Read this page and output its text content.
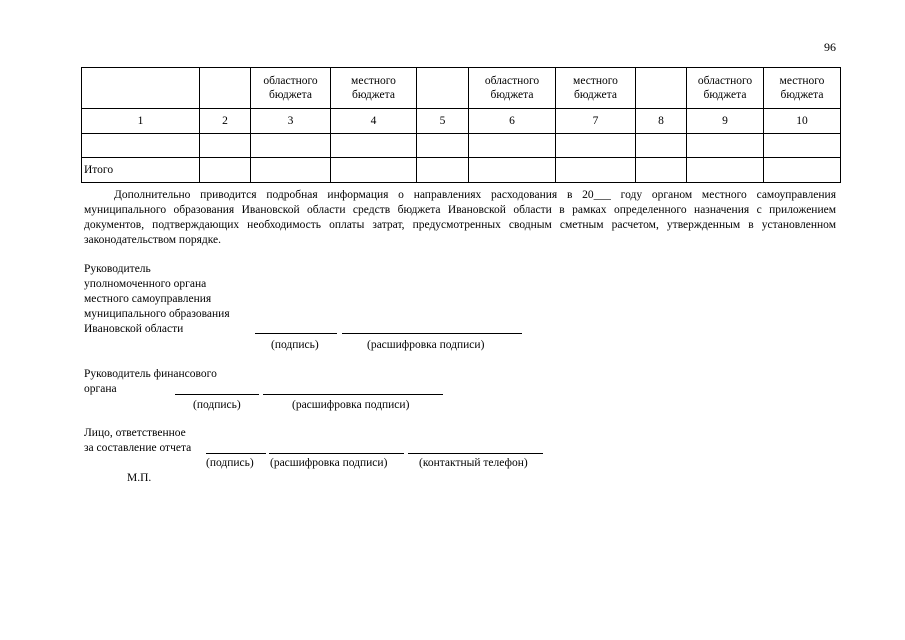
96
		областного бюджета	местного бюджета		областного бюджета	местного бюджета		областного бюджета	местного бюджета
1	2	3	4	5	6	7	8	9	10

Итого									
Дополнительно приводится подробная информация о направлениях расходования в 20___ году органом местного самоуправления муниципального образования Ивановской области средств бюджета Ивановской области в рамках определенного назначения с приложением документов, подтверждающих необходимость оплаты затрат, предусмотренных сводным сметным расчетом, утвержденным в установленном законодательством порядке.
Руководитель
уполномоченного органа
местного самоуправления
муниципального образования
Ивановской области
(подпись)	(расшифровка подписи)
Руководитель финансового
органа
(подпись)	(расшифровка подписи)
Лицо, ответственное
за составление отчета
(подпись) (расшифровка подписи)	(контактный телефон)
М.П.
